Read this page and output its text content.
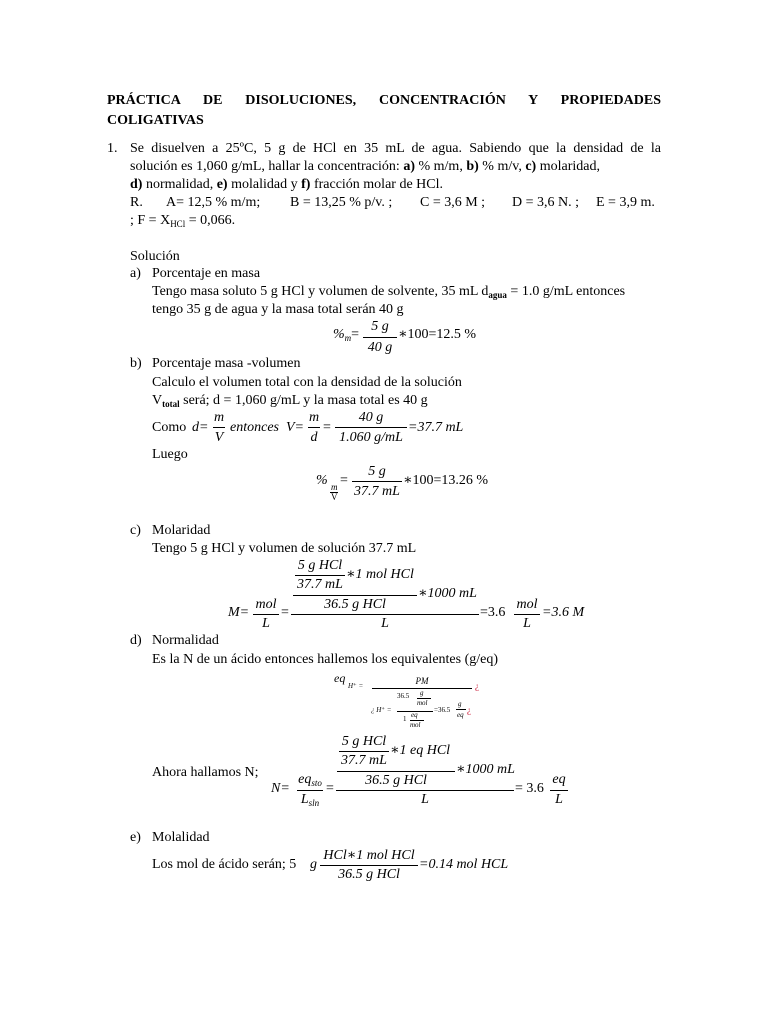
PRÁCTICA DE DISOLUCIONES, CONCENTRACIÓN Y PROPIEDADES
COLIGATIVAS
1. Se disuelven a 25ºC, 5 g de HCl en 35 mL de agua. Sabiendo que la densidad de la
solución es 1,060 g/mL, hallar la concentración: a) % m/m, b) % m/v, c) molaridad,
d) normalidad, e) molalidad y f) fracción molar de HCl.
R. A= 12,5 % m/m; B = 13,25 % p/v. ; C = 3,6 M ; D = 3,6 N. ; E = 3,9 m.
; $F = X_{HCl} = 0,066$.
Solución
a) Porcentaje en masa
Tengo masa soluto 5 g HCl y volumen de solvente, 35 mL $d_{agua} = 1.0$ g/mL entonces
tengo 35 g de agua y la masa total serán 40 g
$\%_m=$
5 g
40 g
∗100=12.5 %
b) Porcentaje masa -volumen
Calculo el volumen total con la densidad de la solución
$V_{total}$ será; d = 1,060 g/mL y la masa total es 40 g
Como d=
m
V
entonces V=
m
d
=
40 g
1.060 g/mL
=37.7 mL
Luego
% m
V
=
5 g
37.7 mL
∗100=13.26 %
c) Molaridad
Tengo 5 g HCl y volumen de solución 37.7 mL
5 g HCl
37.7 mL
∗1 mol HCl
∗1000 mL
36.5 g HCl
M=
mol
L
=
L
=3.6
mol
L
=3.6 M
d) Normalidad
Es la N de un ácido entonces hallemos los equivalentes (g/eq)
eq
H⁺ =	PM	¿
¿ H⁺ =
36.5 g
mol
1 eq
mol
=36.5
g
eq ¿
Ahora hallamos N;
5 g HCl
37.7 mL
∗1 eq HCl
∗1000 mL
36.5 g HCl
N=
$eq_{sto}$
$L_{sln}$
=
L
= 3.6
eq
L
e) Molalidad
Los mol de ácido serán; 5 g
HCl∗1 mol HCl
36.5 g HCl
=0.14 mol HCL
